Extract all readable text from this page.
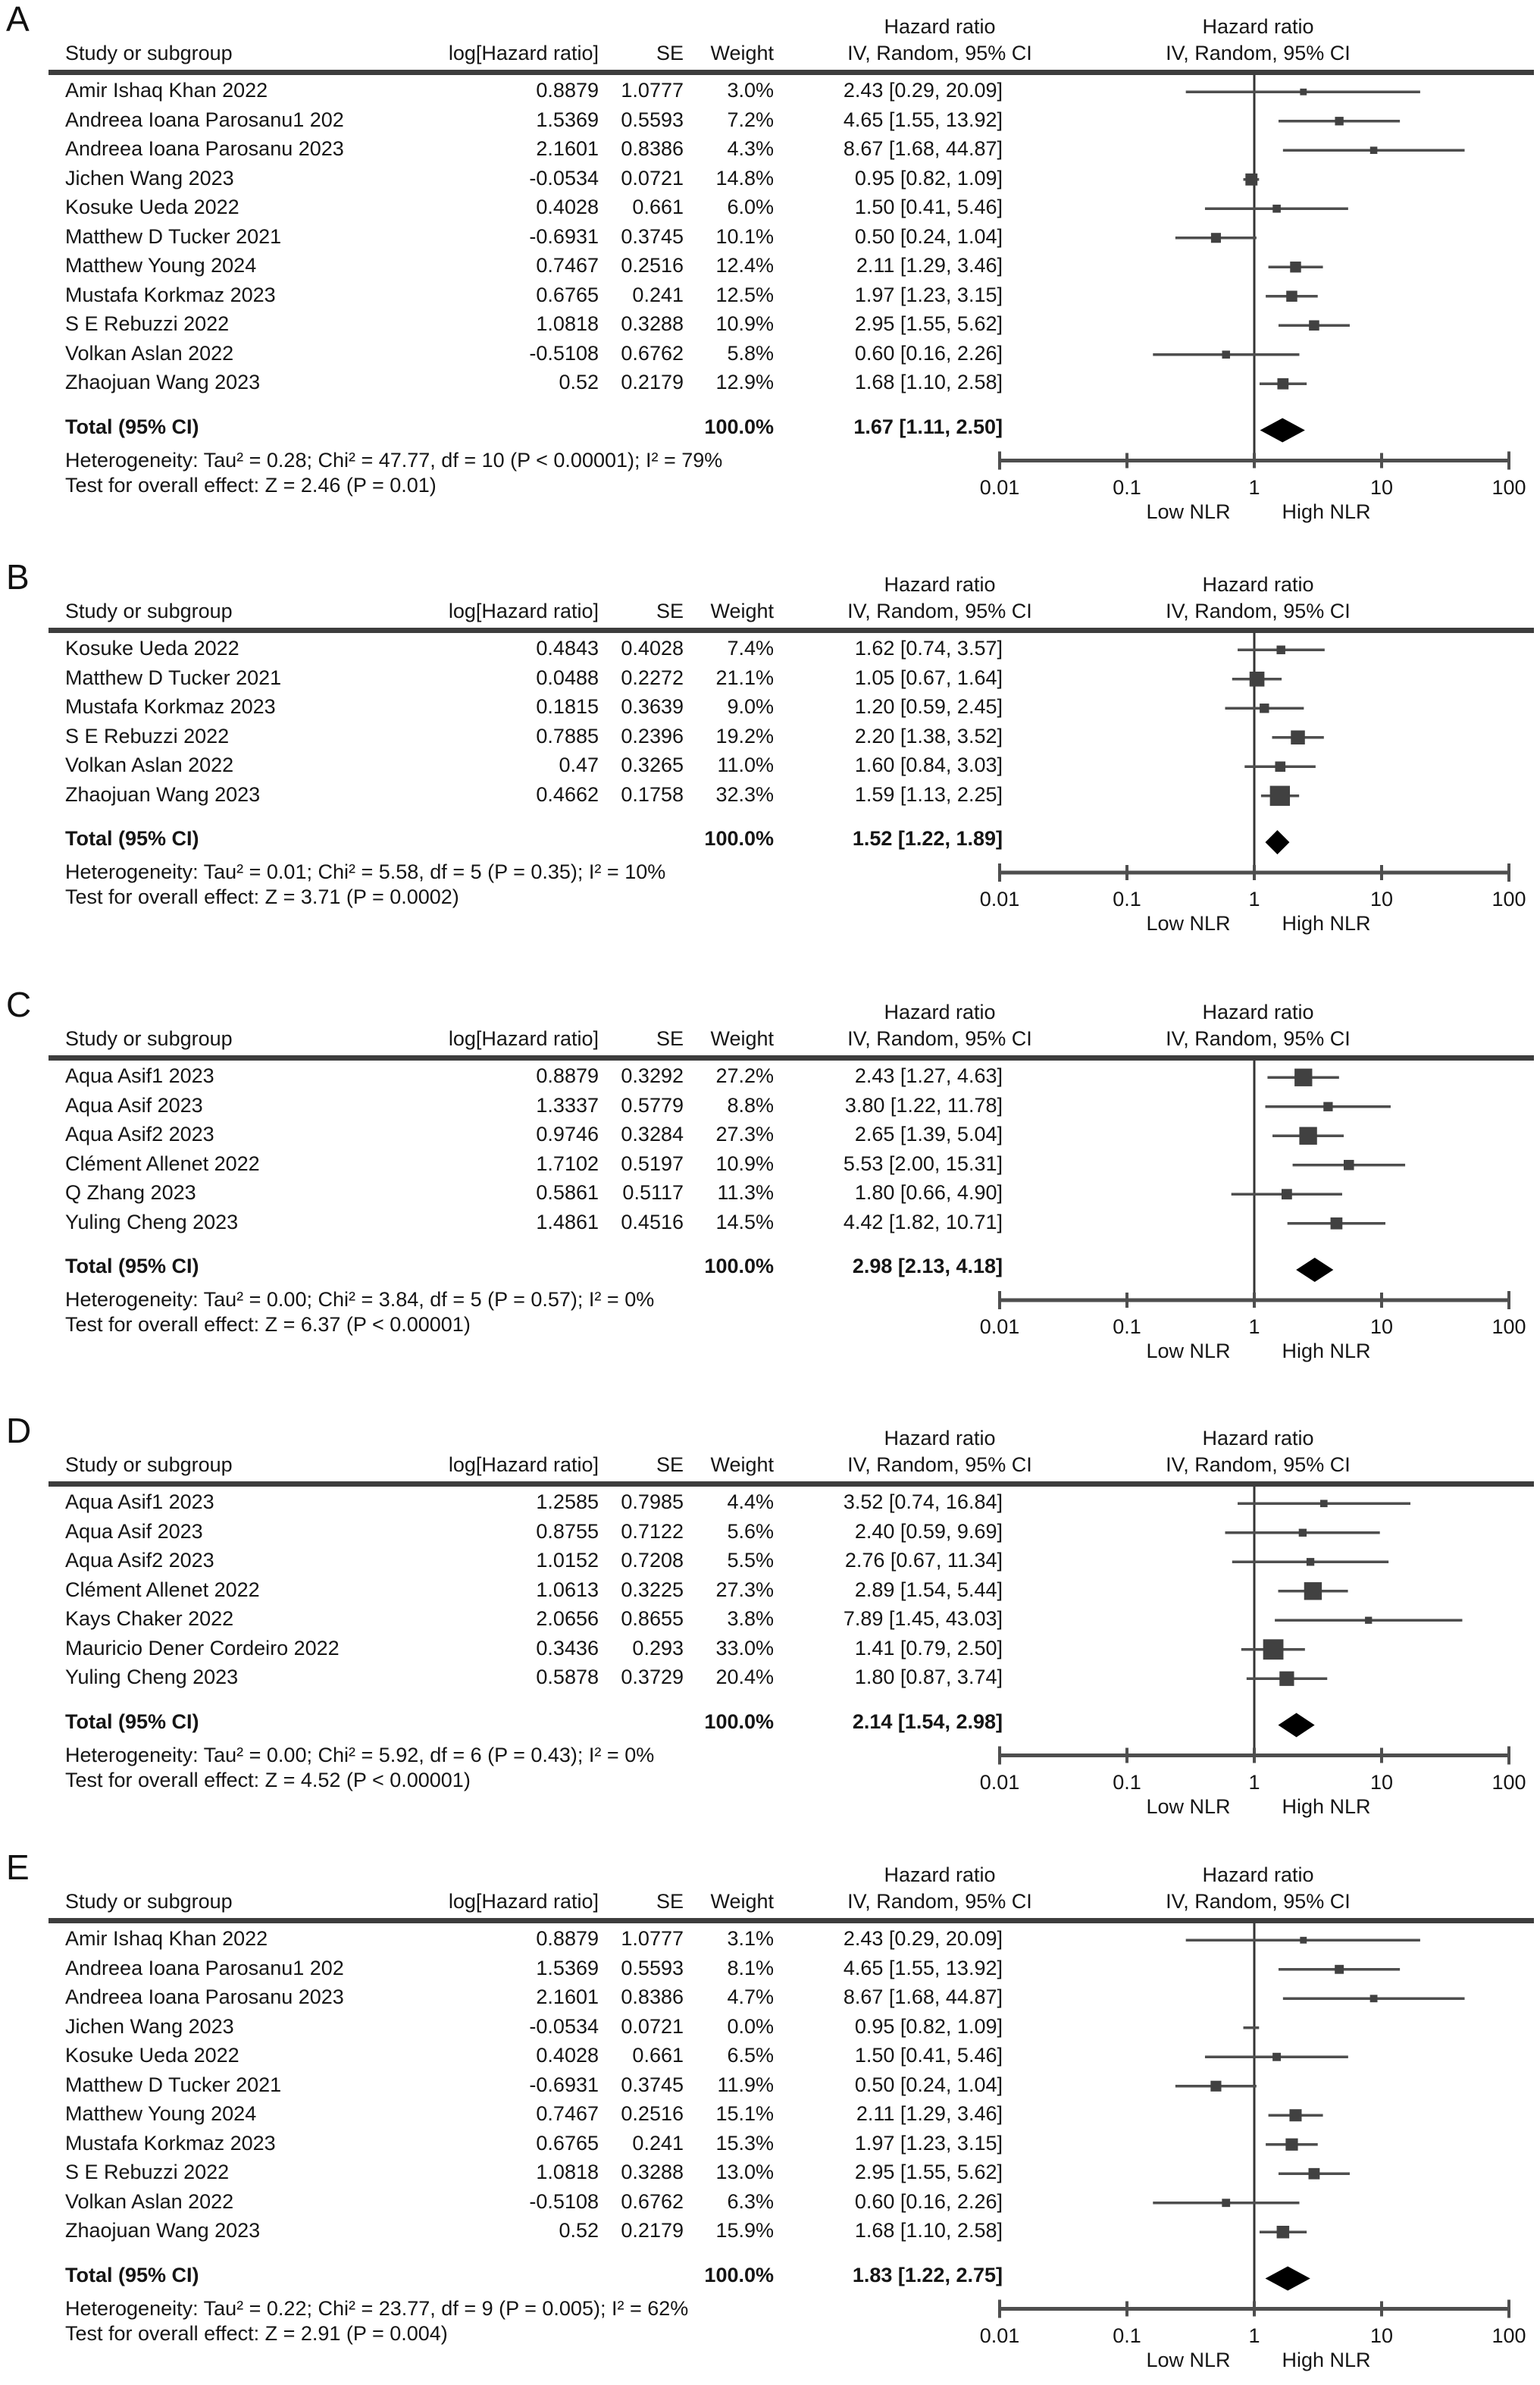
A	Hazard ratio	Hazard ratio
Study or subgroup	log[Hazard ratio]	SE	Weight	IV, Random, 95% CI	IV, Random, 95% CI
Amir Ishaq Khan 2022	0.8879	1.0777	3.0%	2.43 [0.29, 20.09]
Andreea Ioana Parosanu1 202	1.5369	0.5593	7.2%	4.65 [1.55, 13.92]
Andreea Ioana Parosanu 2023	2.1601	0.8386	4.3%	8.67 [1.68, 44.87]
Jichen Wang 2023	-0.0534	0.0721	14.8%	0.95 [0.82, 1.09]
Kosuke Ueda 2022	0.4028	0.661	6.0%	1.50 [0.41, 5.46]
Matthew D Tucker 2021	-0.6931	0.3745	10.1%	0.50 [0.24, 1.04]
Matthew Young 2024	0.7467	0.2516	12.4%	2.11 [1.29, 3.46]
Mustafa Korkmaz 2023	0.6765	0.241	12.5%	1.97 [1.23, 3.15]
S E Rebuzzi 2022	1.0818	0.3288	10.9%	2.95 [1.55, 5.62]
Volkan Aslan 2022	-0.5108	0.6762	5.8%	0.60 [0.16, 2.26]
Zhaojuan Wang 2023	0.52	0.2179	12.9%	1.68 [1.10, 2.58]
Total (95% CI)	100.0%	1.67 [1.11, 2.50]
Heterogeneity: Tau² = 0.28; Chi² = 47.77, df = 10 (P < 0.00001); I² = 79%
Test for overall effect: Z = 2.46 (P = 0.01)	0.01	0.1	1	10	100
Low NLR	High NLR
B	Hazard ratio	Hazard ratio
Study or subgroup	log[Hazard ratio]	SE	Weight	IV, Random, 95% CI	IV, Random, 95% CI
Kosuke Ueda 2022	0.4843	0.4028	7.4%	1.62 [0.74, 3.57]
Matthew D Tucker 2021	0.0488	0.2272	21.1%	1.05 [0.67, 1.64]
Mustafa Korkmaz 2023	0.1815	0.3639	9.0%	1.20 [0.59, 2.45]
S E Rebuzzi 2022	0.7885	0.2396	19.2%	2.20 [1.38, 3.52]
Volkan Aslan 2022	0.47	0.3265	11.0%	1.60 [0.84, 3.03]
Zhaojuan Wang 2023	0.4662	0.1758	32.3%	1.59 [1.13, 2.25]
Total (95% CI)	100.0%	1.52 [1.22, 1.89]
Heterogeneity: Tau² = 0.01; Chi² = 5.58, df = 5 (P = 0.35); I² = 10%
Test for overall effect: Z = 3.71 (P = 0.0002)	0.01	0.1	1	10	100
Low NLR	High NLR
C	Hazard ratio	Hazard ratio
Study or subgroup	log[Hazard ratio]	SE	Weight	IV, Random, 95% CI	IV, Random, 95% CI
Aqua Asif1 2023	0.8879	0.3292	27.2%	2.43 [1.27, 4.63]
Aqua Asif 2023	1.3337	0.5779	8.8%	3.80 [1.22, 11.78]
Aqua Asif2 2023	0.9746	0.3284	27.3%	2.65 [1.39, 5.04]
Clément Allenet 2022	1.7102	0.5197	10.9%	5.53 [2.00, 15.31]
Q Zhang 2023	0.5861	0.5117	11.3%	1.80 [0.66, 4.90]
Yuling Cheng 2023	1.4861	0.4516	14.5%	4.42 [1.82, 10.71]
Total (95% CI)	100.0%	2.98 [2.13, 4.18]
Heterogeneity: Tau² = 0.00; Chi² = 3.84, df = 5 (P = 0.57); I² = 0%
Test for overall effect: Z = 6.37 (P < 0.00001)	0.01	0.1	1	10	100
Low NLR	High NLR
D	Hazard ratio	Hazard ratio
Study or subgroup	log[Hazard ratio]	SE	Weight	IV, Random, 95% CI	IV, Random, 95% CI
Aqua Asif1 2023	1.2585	0.7985	4.4%	3.52 [0.74, 16.84]
Aqua Asif 2023	0.8755	0.7122	5.6%	2.40 [0.59, 9.69]
Aqua Asif2 2023	1.0152	0.7208	5.5%	2.76 [0.67, 11.34]
Clément Allenet 2022	1.0613	0.3225	27.3%	2.89 [1.54, 5.44]
Kays Chaker 2022	2.0656	0.8655	3.8%	7.89 [1.45, 43.03]
Mauricio Dener Cordeiro 2022	0.3436	0.293	33.0%	1.41 [0.79, 2.50]
Yuling Cheng 2023	0.5878	0.3729	20.4%	1.80 [0.87, 3.74]
Total (95% CI)	100.0%	2.14 [1.54, 2.98]
Heterogeneity: Tau² = 0.00; Chi² = 5.92, df = 6 (P = 0.43); I² = 0%
Test for overall effect: Z = 4.52 (P < 0.00001)	0.01	0.1	1	10	100
Low NLR	High NLR
E	Hazard ratio	Hazard ratio
Study or subgroup	log[Hazard ratio]	SE	Weight	IV, Random, 95% CI	IV, Random, 95% CI
Amir Ishaq Khan 2022	0.8879	1.0777	3.1%	2.43 [0.29, 20.09]
Andreea Ioana Parosanu1 202	1.5369	0.5593	8.1%	4.65 [1.55, 13.92]
Andreea Ioana Parosanu 2023	2.1601	0.8386	4.7%	8.67 [1.68, 44.87]
Jichen Wang 2023	-0.0534	0.0721	0.0%	0.95 [0.82, 1.09]
Kosuke Ueda 2022	0.4028	0.661	6.5%	1.50 [0.41, 5.46]
Matthew D Tucker 2021	-0.6931	0.3745	11.9%	0.50 [0.24, 1.04]
Matthew Young 2024	0.7467	0.2516	15.1%	2.11 [1.29, 3.46]
Mustafa Korkmaz 2023	0.6765	0.241	15.3%	1.97 [1.23, 3.15]
S E Rebuzzi 2022	1.0818	0.3288	13.0%	2.95 [1.55, 5.62]
Volkan Aslan 2022	-0.5108	0.6762	6.3%	0.60 [0.16, 2.26]
Zhaojuan Wang 2023	0.52	0.2179	15.9%	1.68 [1.10, 2.58]
Total (95% CI)	100.0%	1.83 [1.22, 2.75]
Heterogeneity: Tau² = 0.22; Chi² = 23.77, df = 9 (P = 0.005); I² = 62%
Test for overall effect: Z = 2.91 (P = 0.004)	0.01	0.1	1	10	100
Low NLR	High NLR
